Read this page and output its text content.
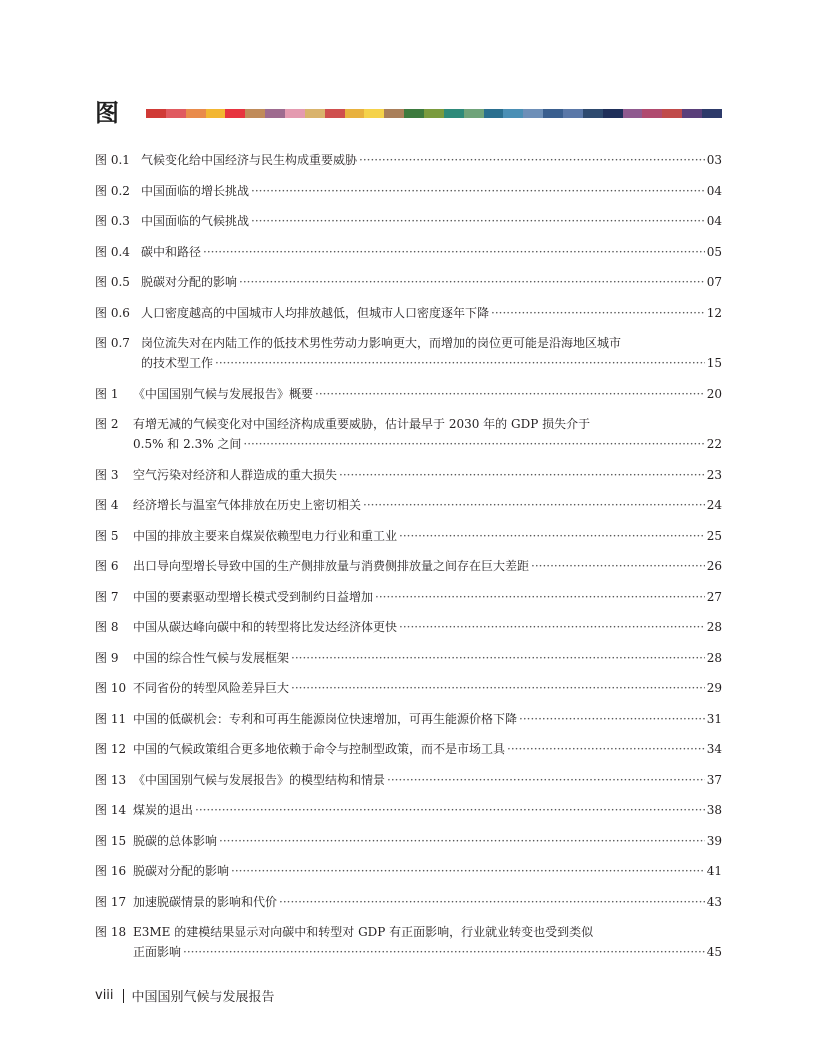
图
图 0.1 气候变化给中国经济与民生构成重要威胁 ·····	03
图 0.2 中国面临的增长挑战 ·····	04
图 0.3 中国面临的气候挑战 ·····	04
图 0.4 碳中和路径 ·····	05
图 0.5 脱碳对分配的影响 ·····	07
图 0.6 人口密度越高的中国城市人均排放越低，但城市人口密度逐年下降 ·····	12
图 0.7 岗位流失对在内陆工作的低技术男性劳动力影响更大，而增加的岗位更可能是沿海地区城市
的技术型工作 ·····	15
图 1 《中国国别气候与发展报告》概要 ·····	20
图 2 有增无减的气候变化对中国经济构成重要威胁，估计最早于 2030 年的 GDP 损失介于
0.5% 和 2.3% 之间 ·····	22
图 3 空气污染对经济和人群造成的重大损失 ·····	23
图 4 经济增长与温室气体排放在历史上密切相关 ·····	24
图 5 中国的排放主要来自煤炭依赖型电力行业和重工业 ·····	25
图 6 出口导向型增长导致中国的生产侧排放量与消费侧排放量之间存在巨大差距 ·····	26
图 7 中国的要素驱动型增长模式受到制约日益增加 ·····	27
图 8 中国从碳达峰向碳中和的转型将比发达经济体更快 ·····	28
图 9 中国的综合性气候与发展框架 ·····	28
图 10 不同省份的转型风险差异巨大 ·····	29
图 11 中国的低碳机会：专利和可再生能源岗位快速增加，可再生能源价格下降 ·····	31
图 12 中国的气候政策组合更多地依赖于命令与控制型政策，而不是市场工具 ·····	34
图 13 《中国国别气候与发展报告》的模型结构和情景 ·····	37
图 14 煤炭的退出 ·····	38
图 15 脱碳的总体影响 ·····	39
图 16 脱碳对分配的影响 ·····	41
图 17 加速脱碳情景的影响和代价 ·····	43
图 18 E3ME 的建模结果显示对向碳中和转型对 GDP 有正面影响，行业就业转变也受到类似
正面影响 ·····	45
viii 中国国别气候与发展报告
